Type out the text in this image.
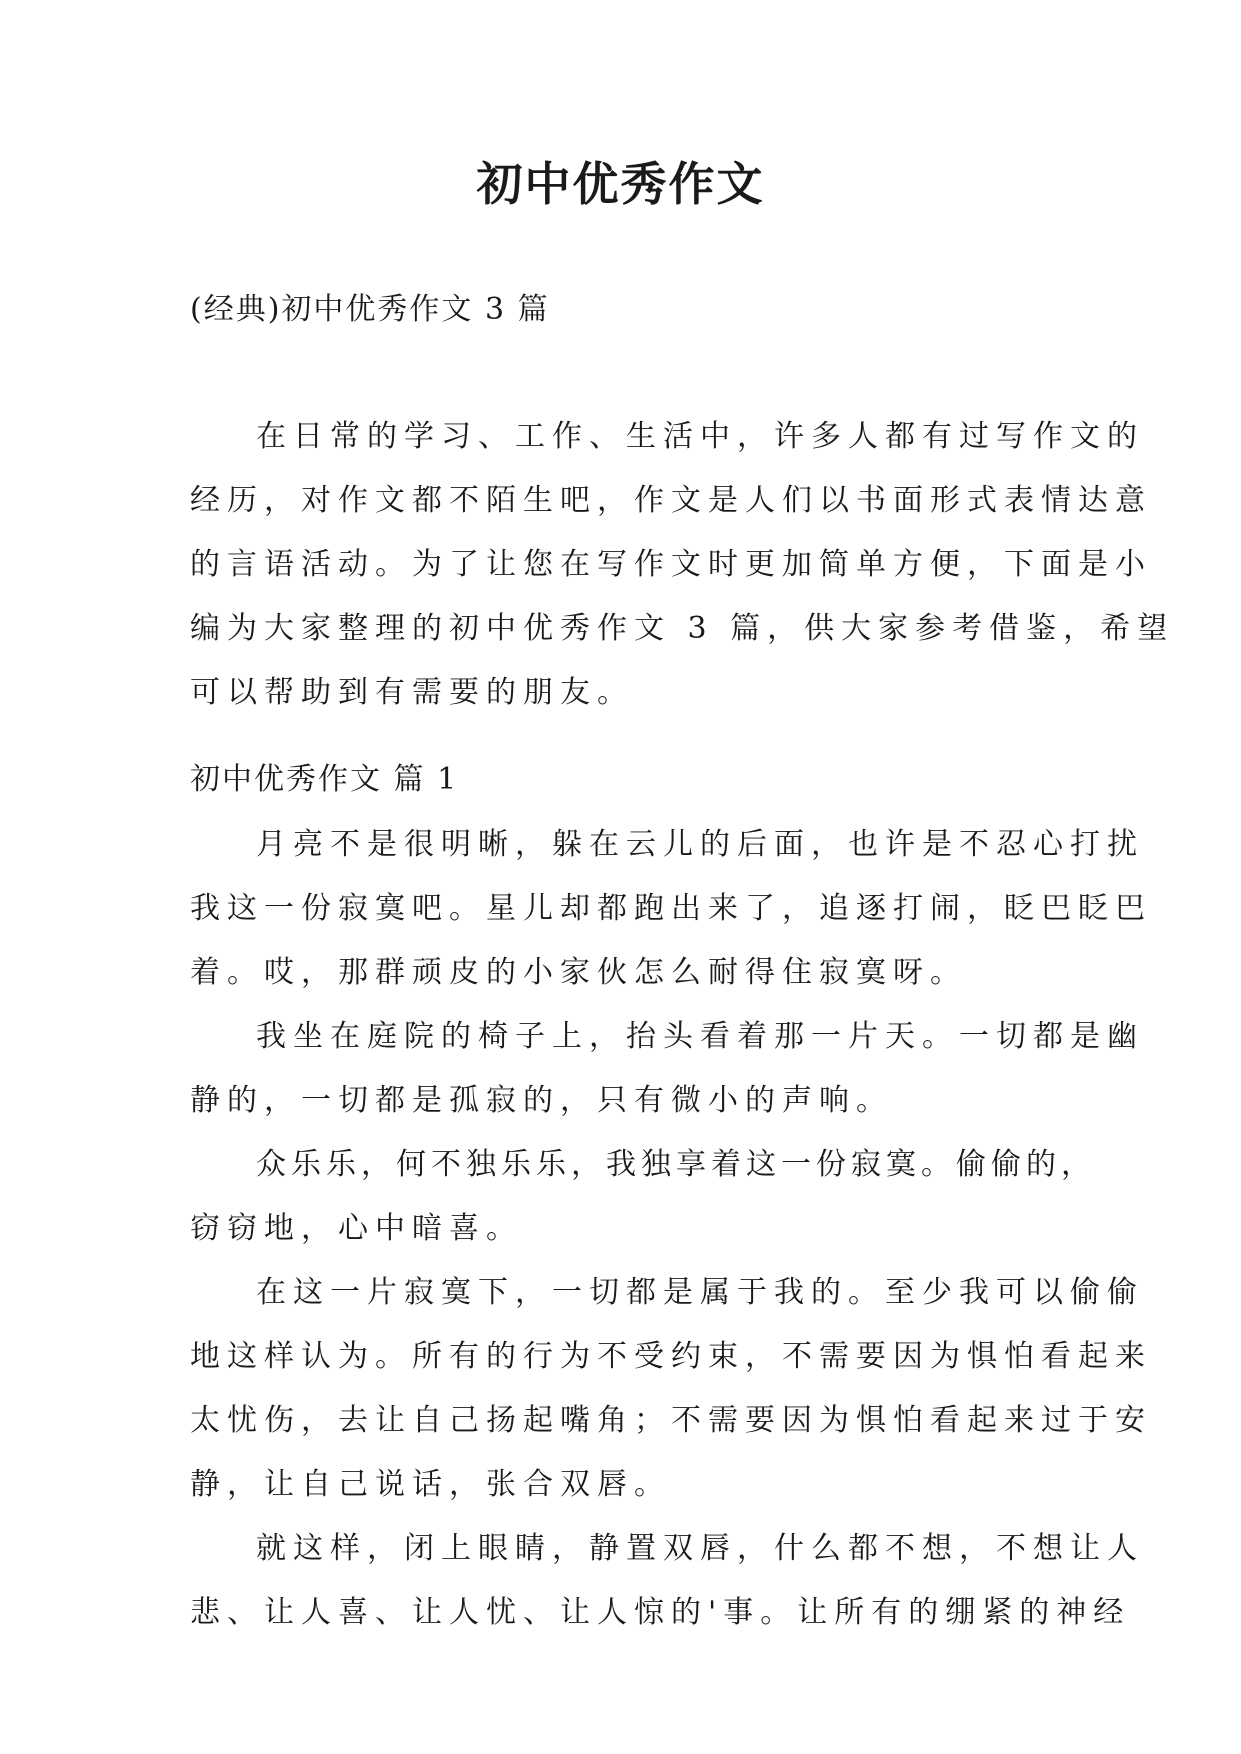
初中优秀作文

(经典)初中优秀作文 3 篇

在日常的学习、工作、生活中，许多人都有过写作文的
经历，对作文都不陌生吧，作文是人们以书面形式表情达意
的言语活动。为了让您在写作文时更加简单方便，下面是小
编为大家整理的初中优秀作文 3 篇，供大家参考借鉴，希望
可以帮助到有需要的朋友。

初中优秀作文 篇 1

月亮不是很明晰，躲在云儿的后面，也许是不忍心打扰
我这一份寂寞吧。星儿却都跑出来了，追逐打闹，眨巴眨巴
着。哎，那群顽皮的小家伙怎么耐得住寂寞呀。
我坐在庭院的椅子上，抬头看着那一片天。一切都是幽
静的，一切都是孤寂的，只有微小的声响。
众乐乐，何不独乐乐，我独享着这一份寂寞。偷偷的，
窃窃地，心中暗喜。
在这一片寂寞下，一切都是属于我的。至少我可以偷偷
地这样认为。所有的行为不受约束，不需要因为惧怕看起来
太忧伤，去让自己扬起嘴角；不需要因为惧怕看起来过于安
静，让自己说话，张合双唇。
就这样，闭上眼睛，静置双唇，什么都不想，不想让人
悲、让人喜、让人忧、让人惊的'事。让所有的绷紧的神经
